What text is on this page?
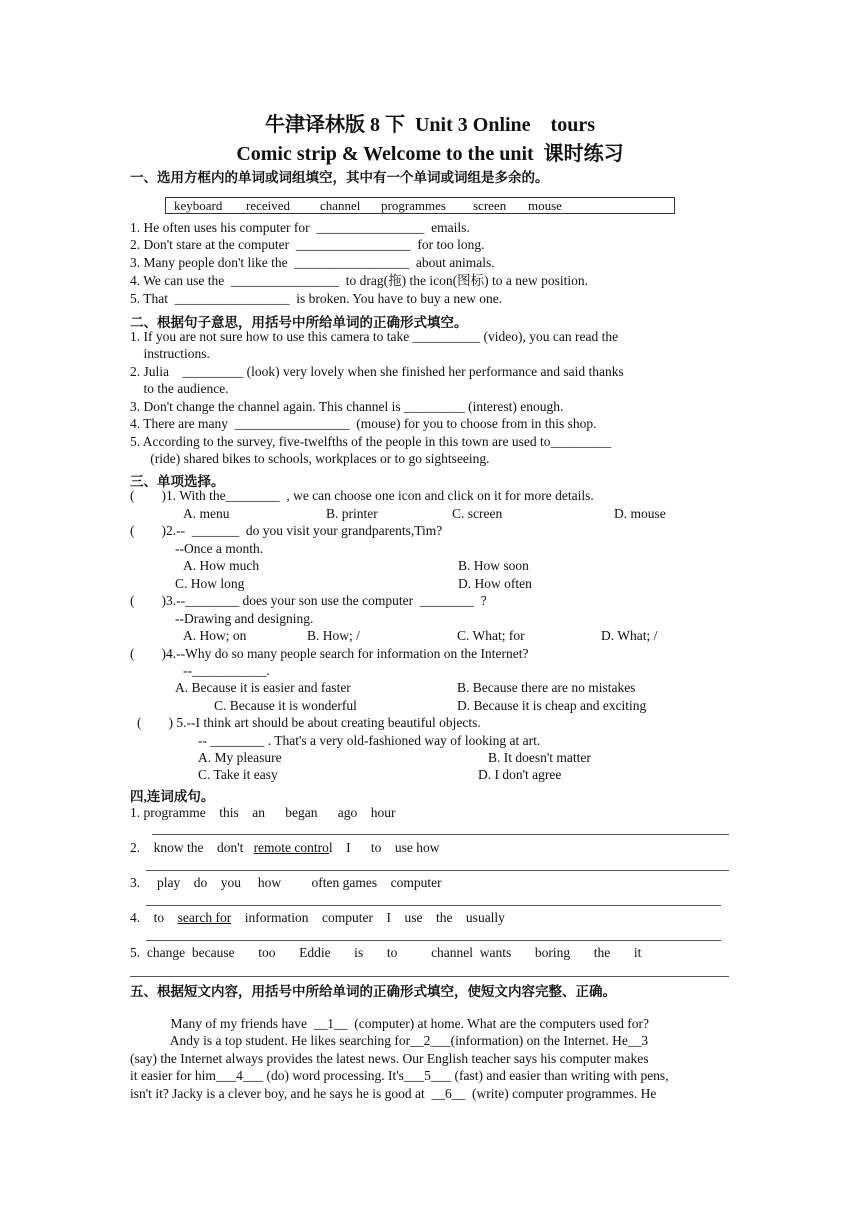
牛津译林版 8 下  Unit 3 Online    tours
Comic strip & Welcome to the unit  课时练习
一、选用方框内的单词或词组填空，其中有一个单词或词组是多余的。
keyboard received channel programmes screen mouse
1. He often uses his computer for  ________________  emails.
2. Don't stare at the computer  _________________  for too long.
3. Many people don't like the  _________________  about animals.
4. We can use the  ________________  to drag(拖) the icon(图标) to a new position.
5. That  _________________  is broken. You have to buy a new one.
二、根据句子意思，用括号中所给单词的正确形式填空。
1. If you are not sure how to use this camera to take __________ (video), you can read the
instructions.
2. Julia    _________ (look) very lovely when she finished her performance and said thanks
to the audience.
3. Don't change the channel again. This channel is _________ (interest) enough.
4. There are many  _________________  (mouse) for you to choose from in this shop.
5. According to the survey, five-twelfths of the people in this town are used to_________
(ride) shared bikes to schools, workplaces or to go sightseeing.
三、单项选择。
(        )1. With the________  , we can choose one icon and click on it for more details.
A. menu	B. printer	C. screen	D. mouse
(        )2.--  _______  do you visit your grandparents,Tim?
--Once a month.
A. How much	B. How soon
C. How long	D. How often
(        )3.--________ does your son use the computer  ________  ?
--Drawing and designing.
A. How; on	B. How; /	C. What; for	D. What; /
(        )4.--Why do so many people search for information on the Internet?
--___________.
A. Because it is easier and faster	B. Because there are no mistakes
C. Because it is wonderful	D. Because it is cheap and exciting
(        ) 5.--I think art should be about creating beautiful objects.
-- ________ . That's a very old-fashioned way of looking at art.
A. My pleasure	B. It doesn't matter
C. Take it easy	D. I don't agree
四,连词成句。
1. programme    this    an      began      ago    hour
2.    know the    don't   remote control    I      to    use how
3.     play    do    you     how         often games    computer
4.    to    search for    information    computer    I    use    the    usually
5.  change  because       too       Eddie       is       to          channel  wants       boring       the       it
五、根据短文内容，用括号中所给单词的正确形式填空，使短文内容完整、正确。
Many of my friends have  __1__  (computer) at home. What are the computers used for?
Andy is a top student. He likes searching for__2___(information) on the Internet. He__3
(say) the Internet always provides the latest news. Our English teacher says his computer makes
it easier for him___4___ (do) word processing. It's___5___ (fast) and easier than writing with pens,
isn't it? Jacky is a clever boy, and he says he is good at  __6__  (write) computer programmes. He
